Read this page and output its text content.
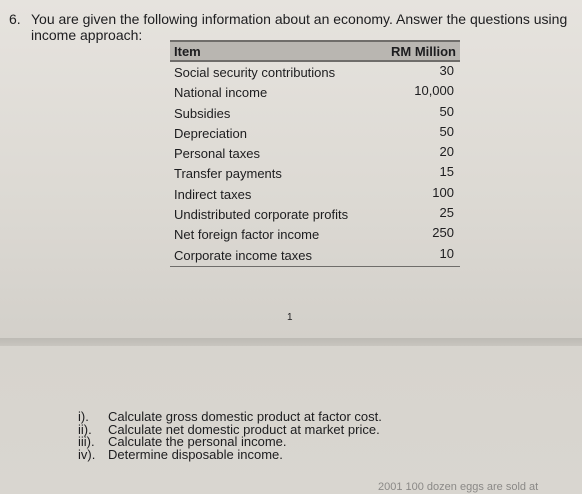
6. You are given the following information about an economy. Answer the questions using
income approach:
Item	RM Million
Social security contributions	30
National income	10,000
Subsidies	50
Depreciation	50
Personal taxes	20
Transfer payments	15
Indirect taxes	100
Undistributed corporate profits	25
Net foreign factor income	250
Corporate income taxes	10
1
i). Calculate gross domestic product at factor cost.
ii). Calculate net domestic product at market price.
iii). Calculate the personal income.
iv). Determine disposable income.
2001 100 dozen eggs are sold at
